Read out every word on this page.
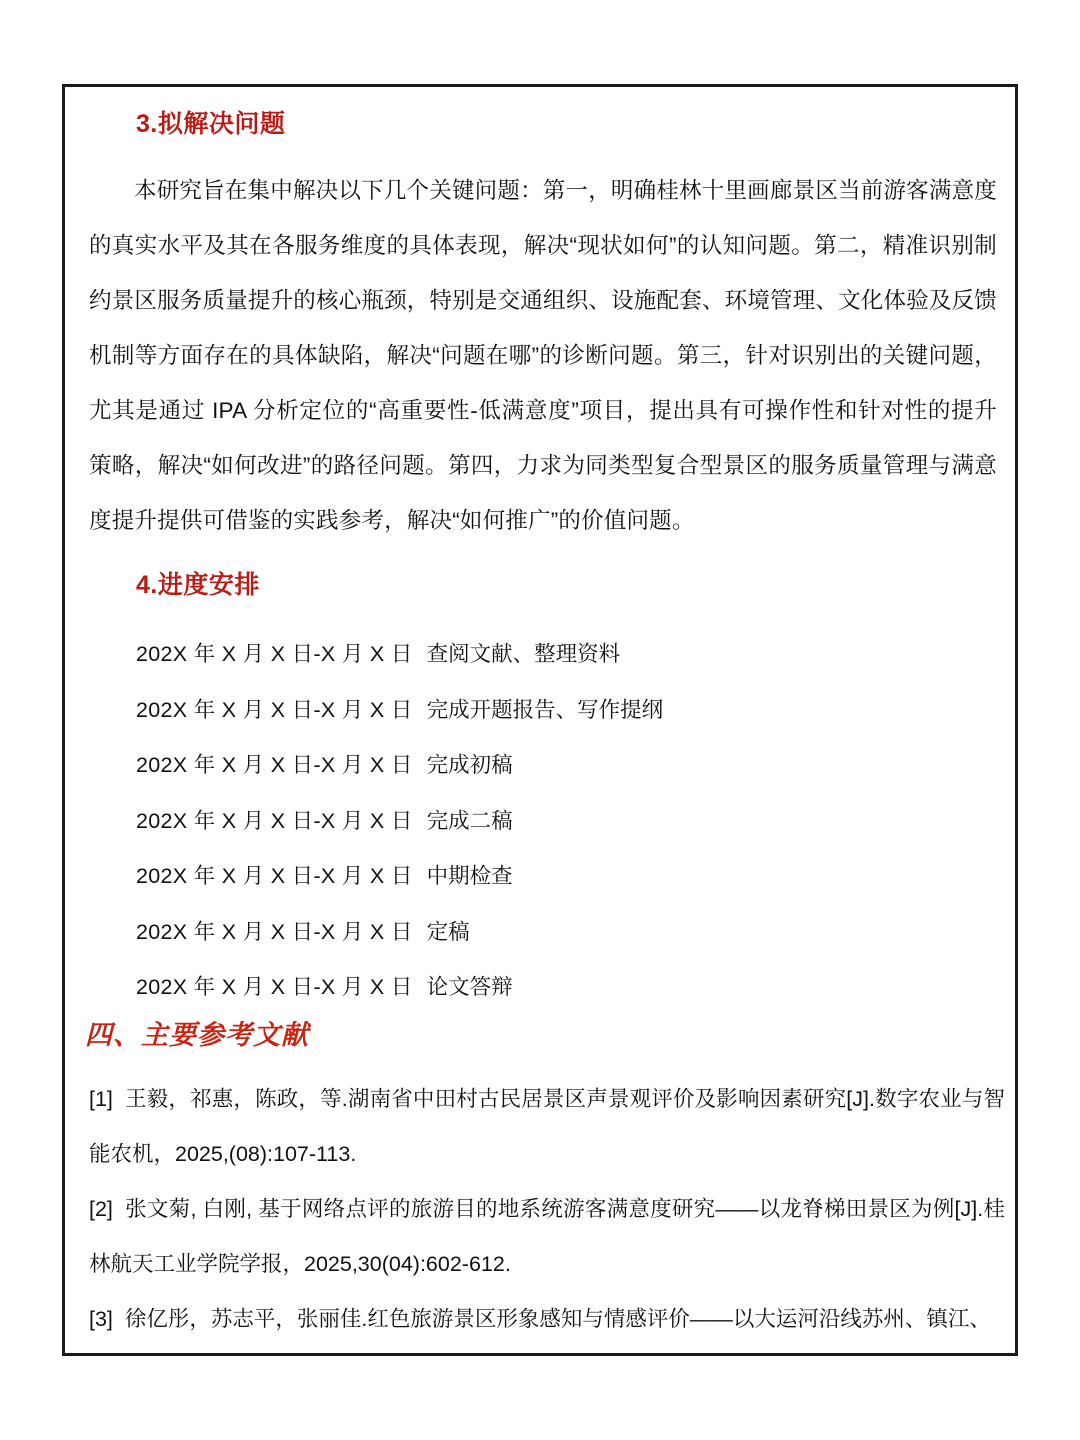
3.拟解决问题

本研究旨在集中解决以下几个关键问题：第一，明确桂林十里画廊景区当前游客满意度的真实水平及其在各服务维度的具体表现，解决“现状如何”的认知问题。第二，精准识别制约景区服务质量提升的核心瓶颈，特别是交通组织、设施配套、环境管理、文化体验及反馈机制等方面存在的具体缺陷，解决“问题在哪”的诊断问题。第三，针对识别出的关键问题，尤其是通过 IPA 分析定位的“高重要性-低满意度”项目，提出具有可操作性和针对性的提升策略，解决“如何改进”的路径问题。第四，力求为同类型复合型景区的服务质量管理与满意度提升提供可借鉴的实践参考，解决“如何推广”的价值问题。

4.进度安排
202X 年 X 月 X 日-X 月 X 日 查阅文献、整理资料
202X 年 X 月 X 日-X 月 X 日 完成开题报告、写作提纲
202X 年 X 月 X 日-X 月 X 日 完成初稿
202X 年 X 月 X 日-X 月 X 日 完成二稿
202X 年 X 月 X 日-X 月 X 日 中期检查
202X 年 X 月 X 日-X 月 X 日 定稿
202X 年 X 月 X 日-X 月 X 日 论文答辩
四、主要参考文献
[1] 王毅，祁惠，陈政，等.湖南省中田村古民居景区声景观评价及影响因素研究[J].数字农业与智能农机，2025,(08):107-113.
[2] 张文菊, 白刚, 基于网络点评的旅游目的地系统游客满意度研究——以龙脊梯田景区为例[J].桂林航天工业学院学报，2025,30(04):602-612.
[3] 徐亿彤，苏志平，张丽佳.红色旅游景区形象感知与情感评价——以大运河沿线苏州、镇江、
